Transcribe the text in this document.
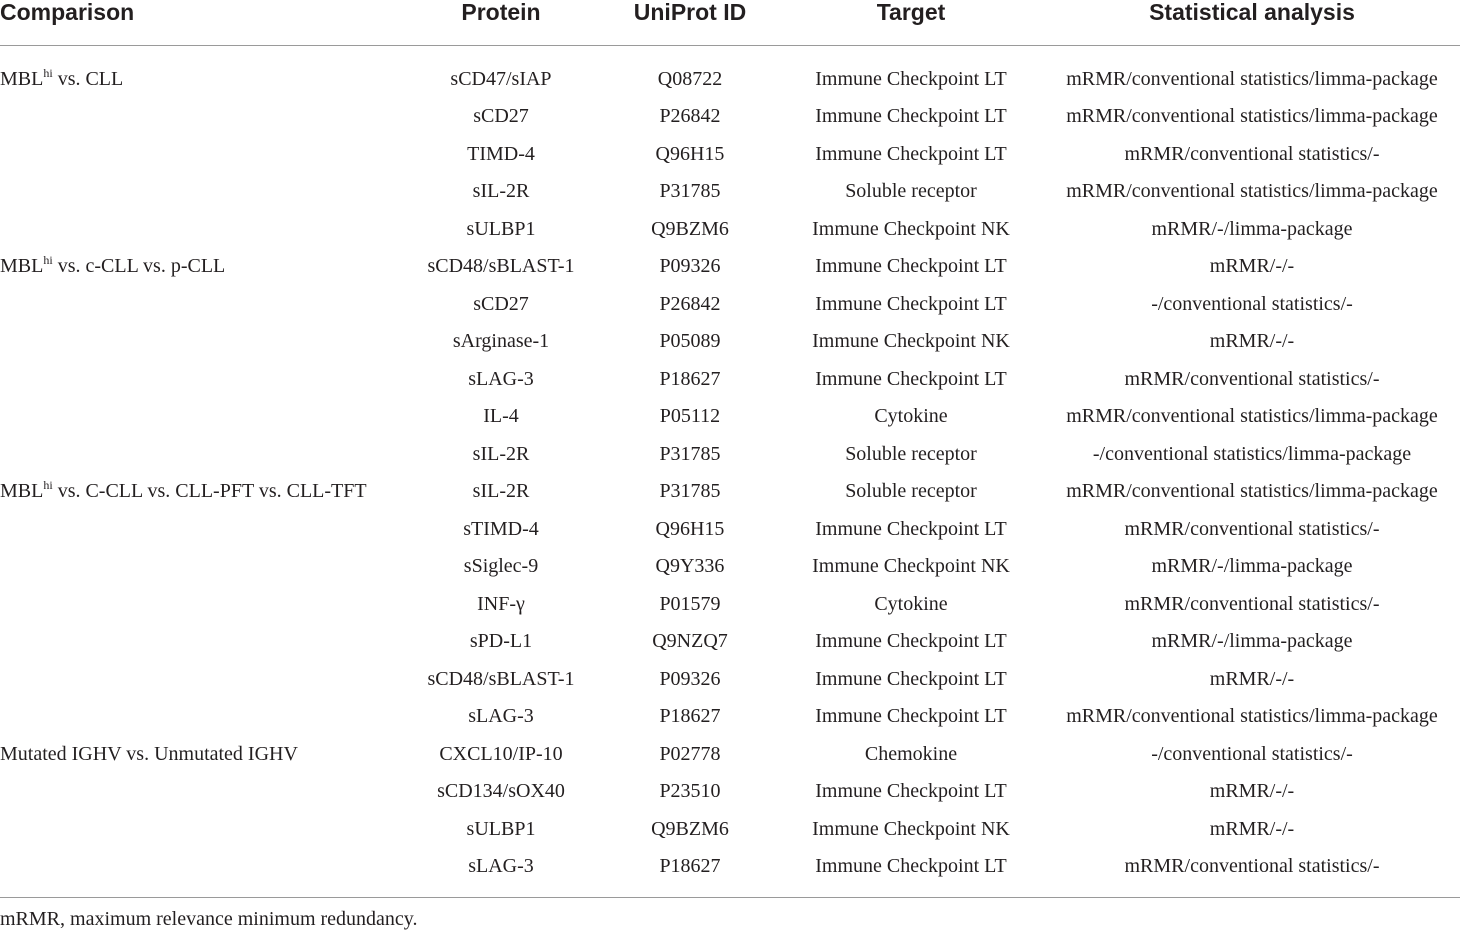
Comparison	Protein	UniProt ID	Target	Statistical analysis
$MBL^{hi}$ vs. CLL	sCD47/sIAP	Q08722	Immune Checkpoint LT	mRMR/conventional statistics/limma-package
	sCD27	P26842	Immune Checkpoint LT	mRMR/conventional statistics/limma-package
	TIMD-4	Q96H15	Immune Checkpoint LT	mRMR/conventional statistics/-
	sIL-2R	P31785	Soluble receptor	mRMR/conventional statistics/limma-package
	sULBP1	Q9BZM6	Immune Checkpoint NK	mRMR/-/limma-package
$MBL^{hi}$ vs. c-CLL vs. p-CLL	sCD48/sBLAST-1	P09326	Immune Checkpoint LT	mRMR/-/-
	sCD27	P26842	Immune Checkpoint LT	-/conventional statistics/-
	sArginase-1	P05089	Immune Checkpoint NK	mRMR/-/-
	sLAG-3	P18627	Immune Checkpoint LT	mRMR/conventional statistics/-
	IL-4	P05112	Cytokine	mRMR/conventional statistics/limma-package
	sIL-2R	P31785	Soluble receptor	-/conventional statistics/limma-package
$MBL^{hi}$ vs. C-CLL vs. CLL-PFT vs. CLL-TFT	sIL-2R	P31785	Soluble receptor	mRMR/conventional statistics/limma-package
	sTIMD-4	Q96H15	Immune Checkpoint LT	mRMR/conventional statistics/-
	sSiglec-9	Q9Y336	Immune Checkpoint NK	mRMR/-/limma-package
	INF-γ	P01579	Cytokine	mRMR/conventional statistics/-
	sPD-L1	Q9NZQ7	Immune Checkpoint LT	mRMR/-/limma-package
	sCD48/sBLAST-1	P09326	Immune Checkpoint LT	mRMR/-/-
	sLAG-3	P18627	Immune Checkpoint LT	mRMR/conventional statistics/limma-package
Mutated IGHV vs. Unmutated IGHV	CXCL10/IP-10	P02778	Chemokine	-/conventional statistics/-
	sCD134/sOX40	P23510	Immune Checkpoint LT	mRMR/-/-
	sULBP1	Q9BZM6	Immune Checkpoint NK	mRMR/-/-
	sLAG-3	P18627	Immune Checkpoint LT	mRMR/conventional statistics/-
mRMR, maximum relevance minimum redundancy.
